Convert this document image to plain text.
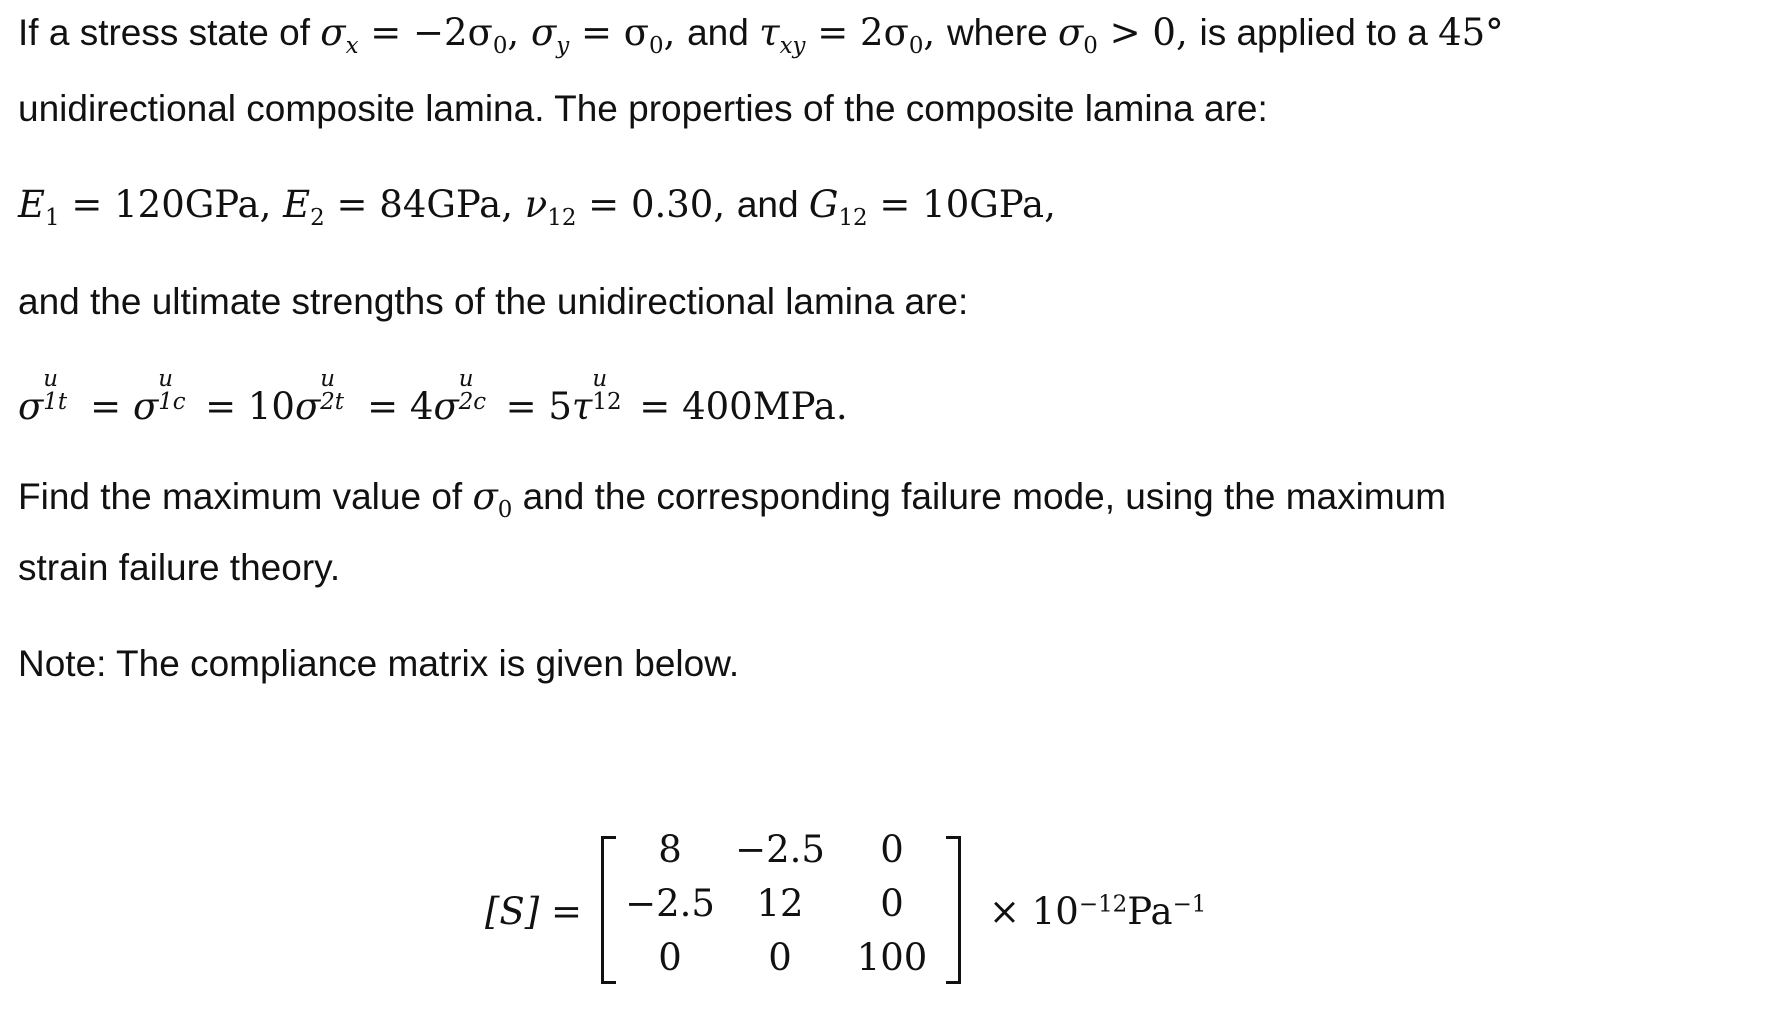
If a stress state of $\sigma_x = -2\sigma_0$, $\sigma_y = \sigma_0$, and $\tau_{xy} = 2\sigma_0$, where $\sigma_0 > 0$, is applied to a 45°
unidirectional composite lamina. The properties of the composite lamina are:
$E_1 = 120GPa$, $E_2 = 84GPa$, $\nu_{12} = 0.30$, and $G_{12} = 10GPa$,
and the ultimate strengths of the unidirectional lamina are:
σ
u
1t = σ
u
1c = 10σ
u
2t = 4σ
u
2c = 5τ
u
12 = 400MPa.
Find the maximum value of $\sigma_0$ and the corresponding failure mode, using the maximum
strain failure theory.
Note: The compliance matrix is given below.
[S] =
8	−2.5	0
−2.5	12	0
0	0	100
× $10^{-12}Pa^{-1}$
